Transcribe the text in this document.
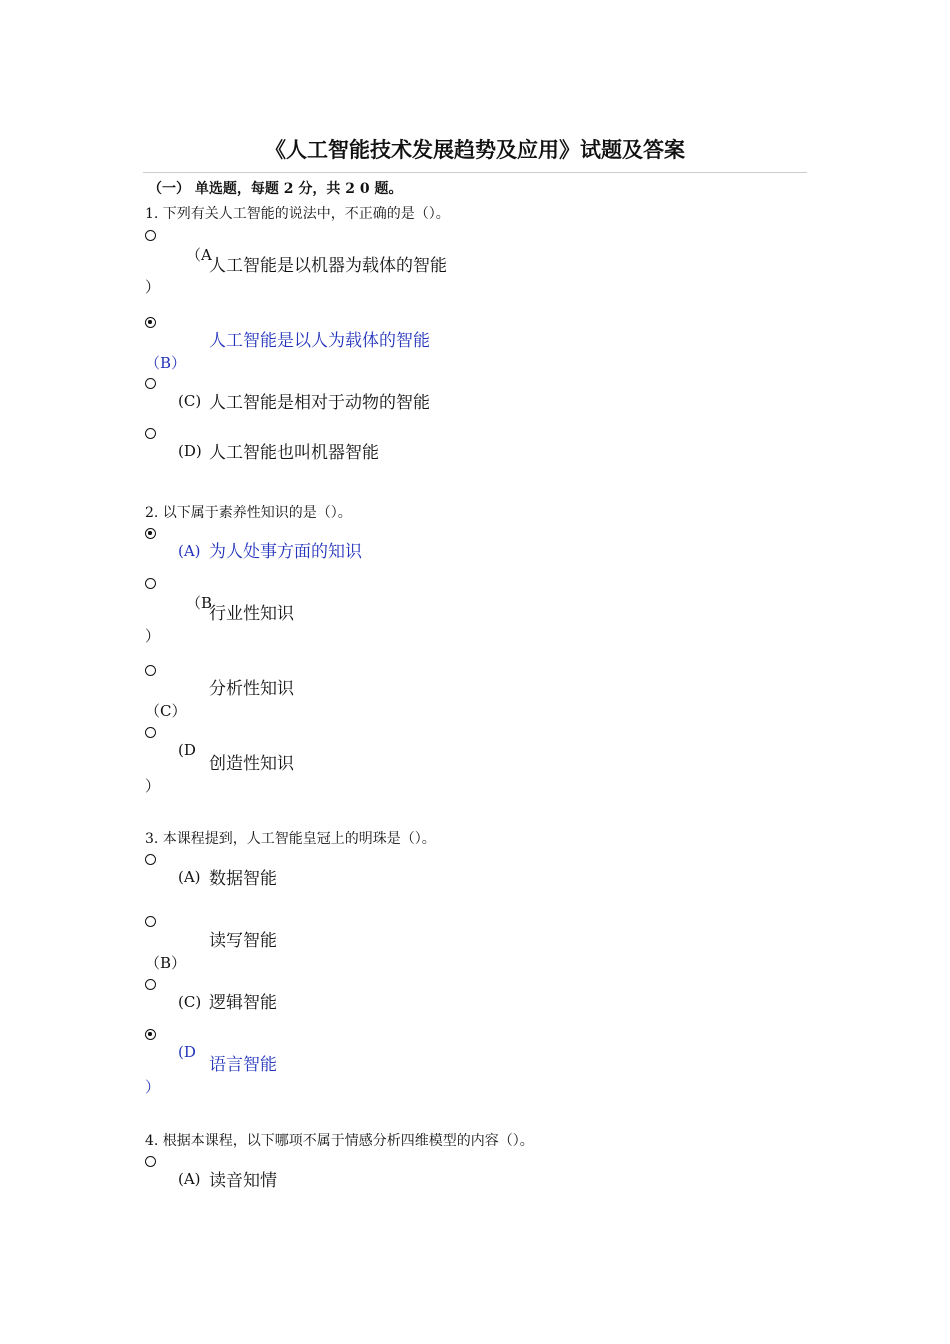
《人工智能技术发展趋势及应用》试题及答案
（一） 单选题，每题 2 分，共 2 0 题。
1. 下列有关人工智能的说法中，不正确的是（）。
（A
人工智能是以机器为载体的智能
）
人工智能是以人为载体的智能
（B）
(C) 人工智能是相对于动物的智能
(D) 人工智能也叫机器智能
2. 以下属于素养性知识的是（）。
(A) 为人处事方面的知识
（B
行业性知识
）
分析性知识
（C）
(D
创造性知识
）
3. 本课程提到，人工智能皇冠上的明珠是（）。
(A) 数据智能
读写智能
（B）
(C) 逻辑智能
(D
语言智能
）
4. 根据本课程，以下哪项不属于情感分析四维模型的内容（）。
(A) 读音知情
